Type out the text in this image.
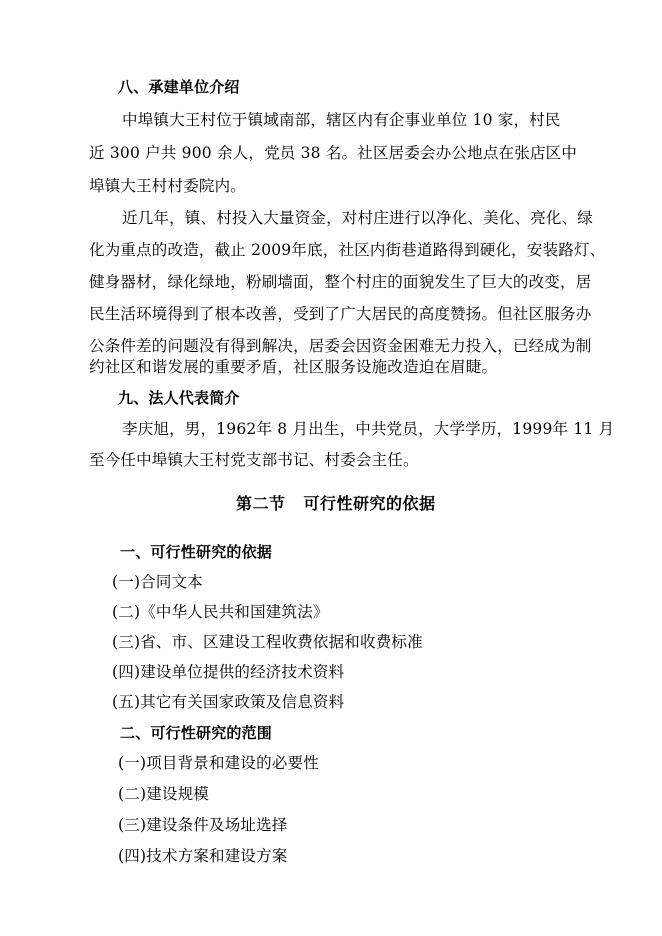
八、承建单位介绍
中埠镇大王村位于镇域南部，辖区内有企事业单位 10 家，村民
近 300 户共 900 余人，党员 38 名。社区居委会办公地点在张店区中
埠镇大王村村委院内。
近几年，镇、村投入大量资金，对村庄进行以净化、美化、亮化、绿
化为重点的改造，截止 2009年底，社区内街巷道路得到硬化，安装路灯、
健身器材，绿化绿地，粉刷墙面，整个村庄的面貌发生了巨大的改变，居
民生活环境得到了根本改善，受到了广大居民的高度赞扬。但社区服务办
公条件差的问题没有得到解决，居委会因资金困难无力投入，已经成为制
约社区和谐发展的重要矛盾，社区服务设施改造迫在眉睫。
九、法人代表简介
李庆旭，男，1962年 8 月出生，中共党员，大学学历，1999年 11 月
至今任中埠镇大王村党支部书记、村委会主任。
第二节 可行性研究的依据
一、可行性研究的依据
(一)合同文本
(二)《中华人民共和国建筑法》
(三)省、市、区建设工程收费依据和收费标准
(四)建设单位提供的经济技术资料
(五)其它有关国家政策及信息资料
二、可行性研究的范围
(一)项目背景和建设的必要性
(二)建设规模
(三)建设条件及场址选择
(四)技术方案和建设方案
